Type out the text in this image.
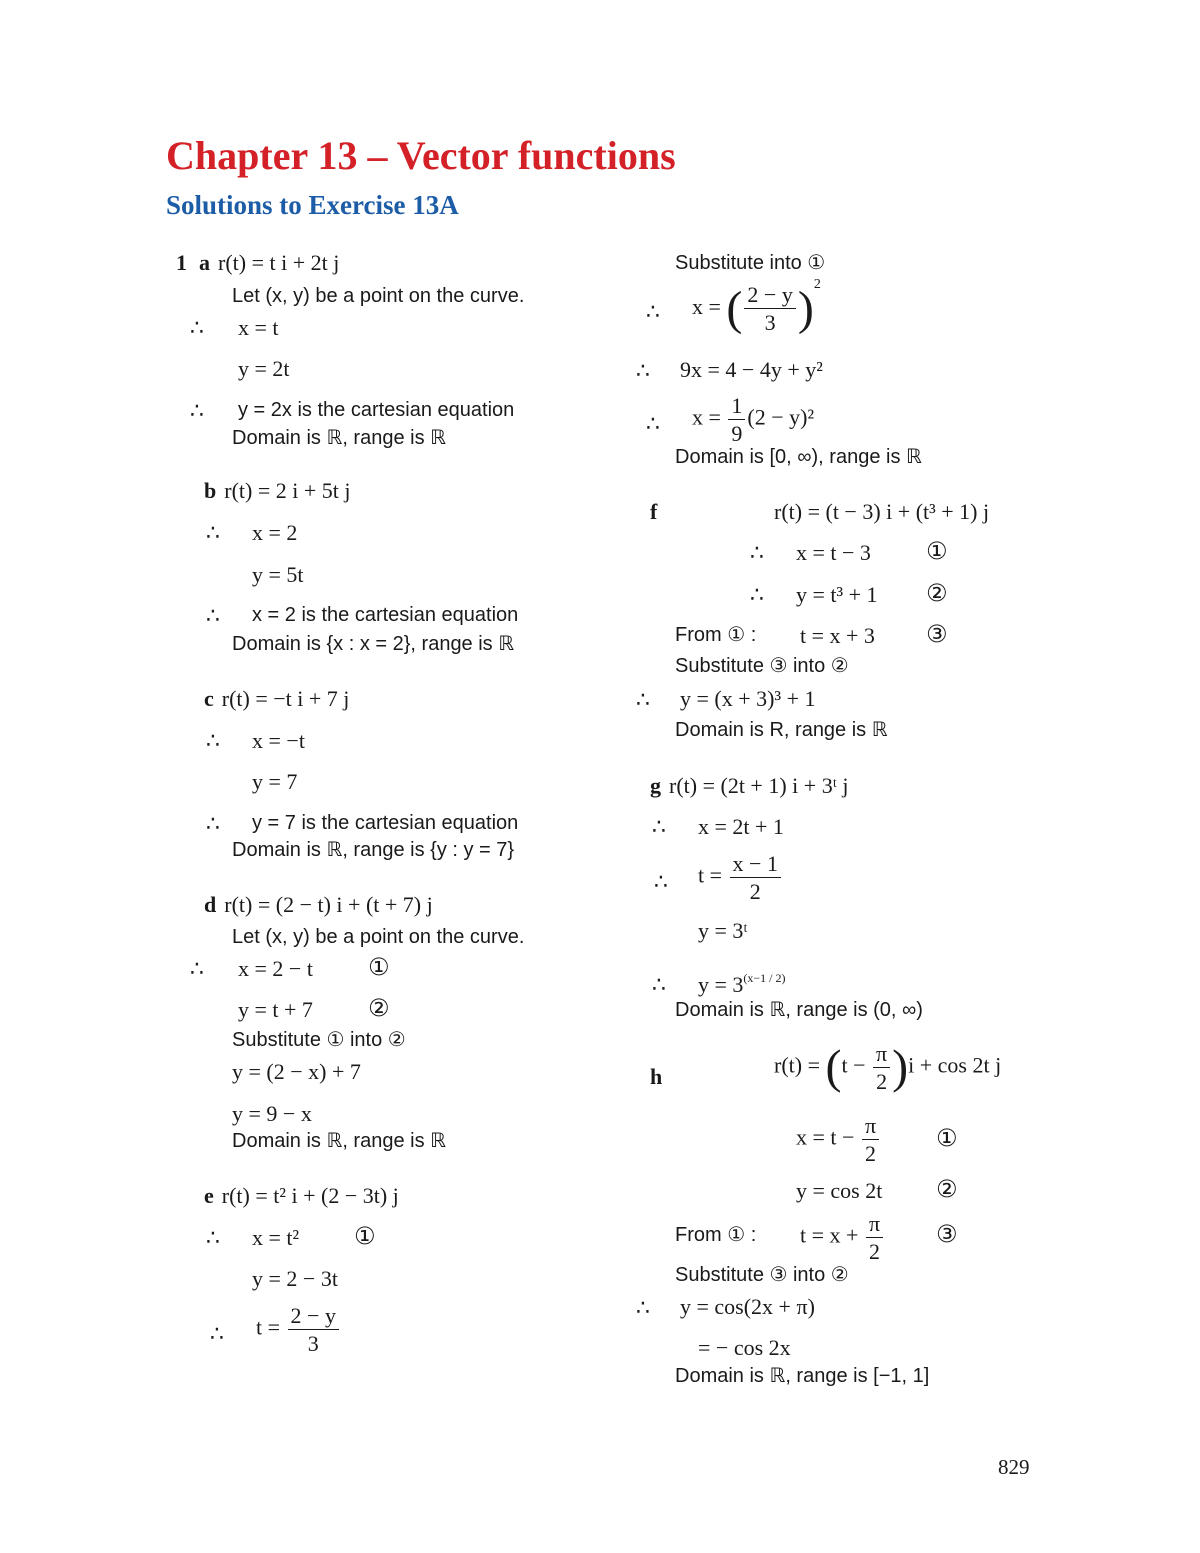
Chapter 13 – Vector functions
Solutions to Exercise 13A
1 a r(t) = t i + 2t j
Let (x, y) be a point on the curve.
∴ x = t
y = 2t
∴ y = 2x is the cartesian equation
Domain is ℝ, range is ℝ
b r(t) = 2 i + 5t j
∴ x = 2
y = 5t
∴ x = 2 is the cartesian equation
Domain is {x : x = 2}, range is ℝ
c r(t) = −t i + 7 j
∴ x = −t
y = 7
∴ y = 7 is the cartesian equation
Domain is ℝ, range is {y : y = 7}
d r(t) = (2 − t) i + (t + 7) j
Let (x, y) be a point on the curve.
∴ x = 2 − t ①
y = t + 7 ②
Substitute ① into ②
y = (2 − x) + 7
y = 9 − x
Domain is ℝ, range is ℝ
e r(t) = t² i + (2 − 3t) j
∴ x = t² ①
y = 2 − 3t
∴ $t = \frac{2 - y}{3}$
Substitute into ①
∴ x = ( $\frac{2 - y}{3} )^2$
∴ 9x = 4 − 4y + y²
∴ $x = \frac{1}{9} (2 - y)^2$
Domain is [0, ∞), range is ℝ
f	r(t) = (t − 3) i + (t³ + 1) j
∴ x = t − 3 ①
∴ y = t³ + 1 ②
From ① : t = x + 3 ③
Substitute ③ into ②
∴ y = (x + 3)³ + 1
Domain is R, range is ℝ
g r(t) = (2t + 1) i + 3ᵗ j
∴ x = 2t + 1
∴ $t = \frac{x - 1}{2}$
y = 3ᵗ
∴ $y = 3^{(x-1 / 2)}$
Domain is ℝ, range is (0, ∞)
h	$r(t) = (t - \frac{\pi}{2} )i + \cos 2t$ j
$x = t - \frac{\pi}{2}$ ①
y = cos 2t ②
From ① : $t = x + \frac{\pi}{2}$ ③
Substitute ③ into ②
∴ y = cos(2x + π)
= − cos 2x
Domain is ℝ, range is [−1, 1]
829
